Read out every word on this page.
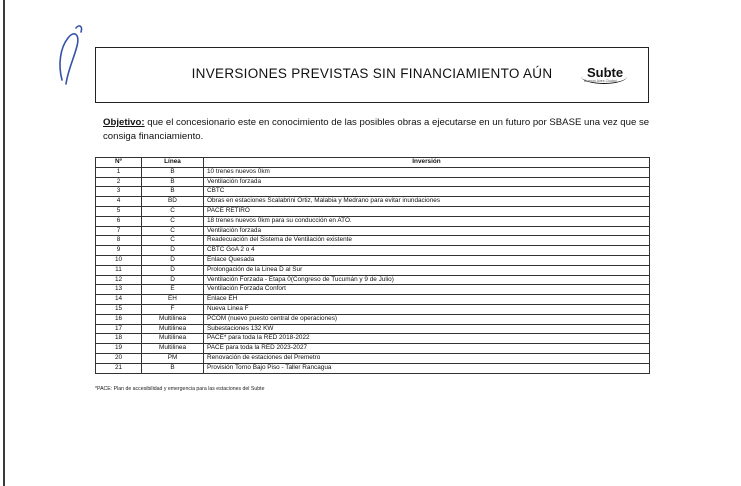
INVERSIONES PREVISTAS SIN FINANCIAMIENTO AÚN	Subte
Buenos Aires Ciudad
Objetivo: que el concesionario este en conocimiento de las posibles obras a ejecutarse en un futuro por SBASE una vez que se consiga financiamiento.
Nº	Línea	Inversión
1	B	10 trenes nuevos 0km
2	B	Ventilación forzada
3	B	CBTC
4	BD	Obras en estaciones Scalabrini Ortiz, Malabia y Medrano para evitar inundaciones
5	C	PACE RETIRO
6	C	18 trenes nuevos 0km para su conducción en ATO.
7	C	Ventilación forzada
8	C	Readecuación del Sistema de Ventilación existente
9	D	CBTC GoA 2 o 4
10	D	Enlace Quesada
11	D	Prolongación de la Linea D al Sur
12	D	Ventilación Forzada - Etapa 0(Congreso de Tucumán y 9 de Julio)
13	E	Ventilación Forzada Confort
14	EH	Enlace EH
15	F	Nueva Linea F
16	Multilinea	PCOM (nuevo puesto central de operaciones)
17	Multilinea	Subestaciones 132 KW
18	Multilinea	PACE* para toda la RED 2018-2022
19	Multilinea	PACE para toda la RED 2023-2027
20	PM	Renovación de estaciones del Premetro
21	B	Provisión Torno Bajo Piso - Taller Rancagua
*PACE: Plan de accesibilidad y emergencia para las estaciones del Subte
